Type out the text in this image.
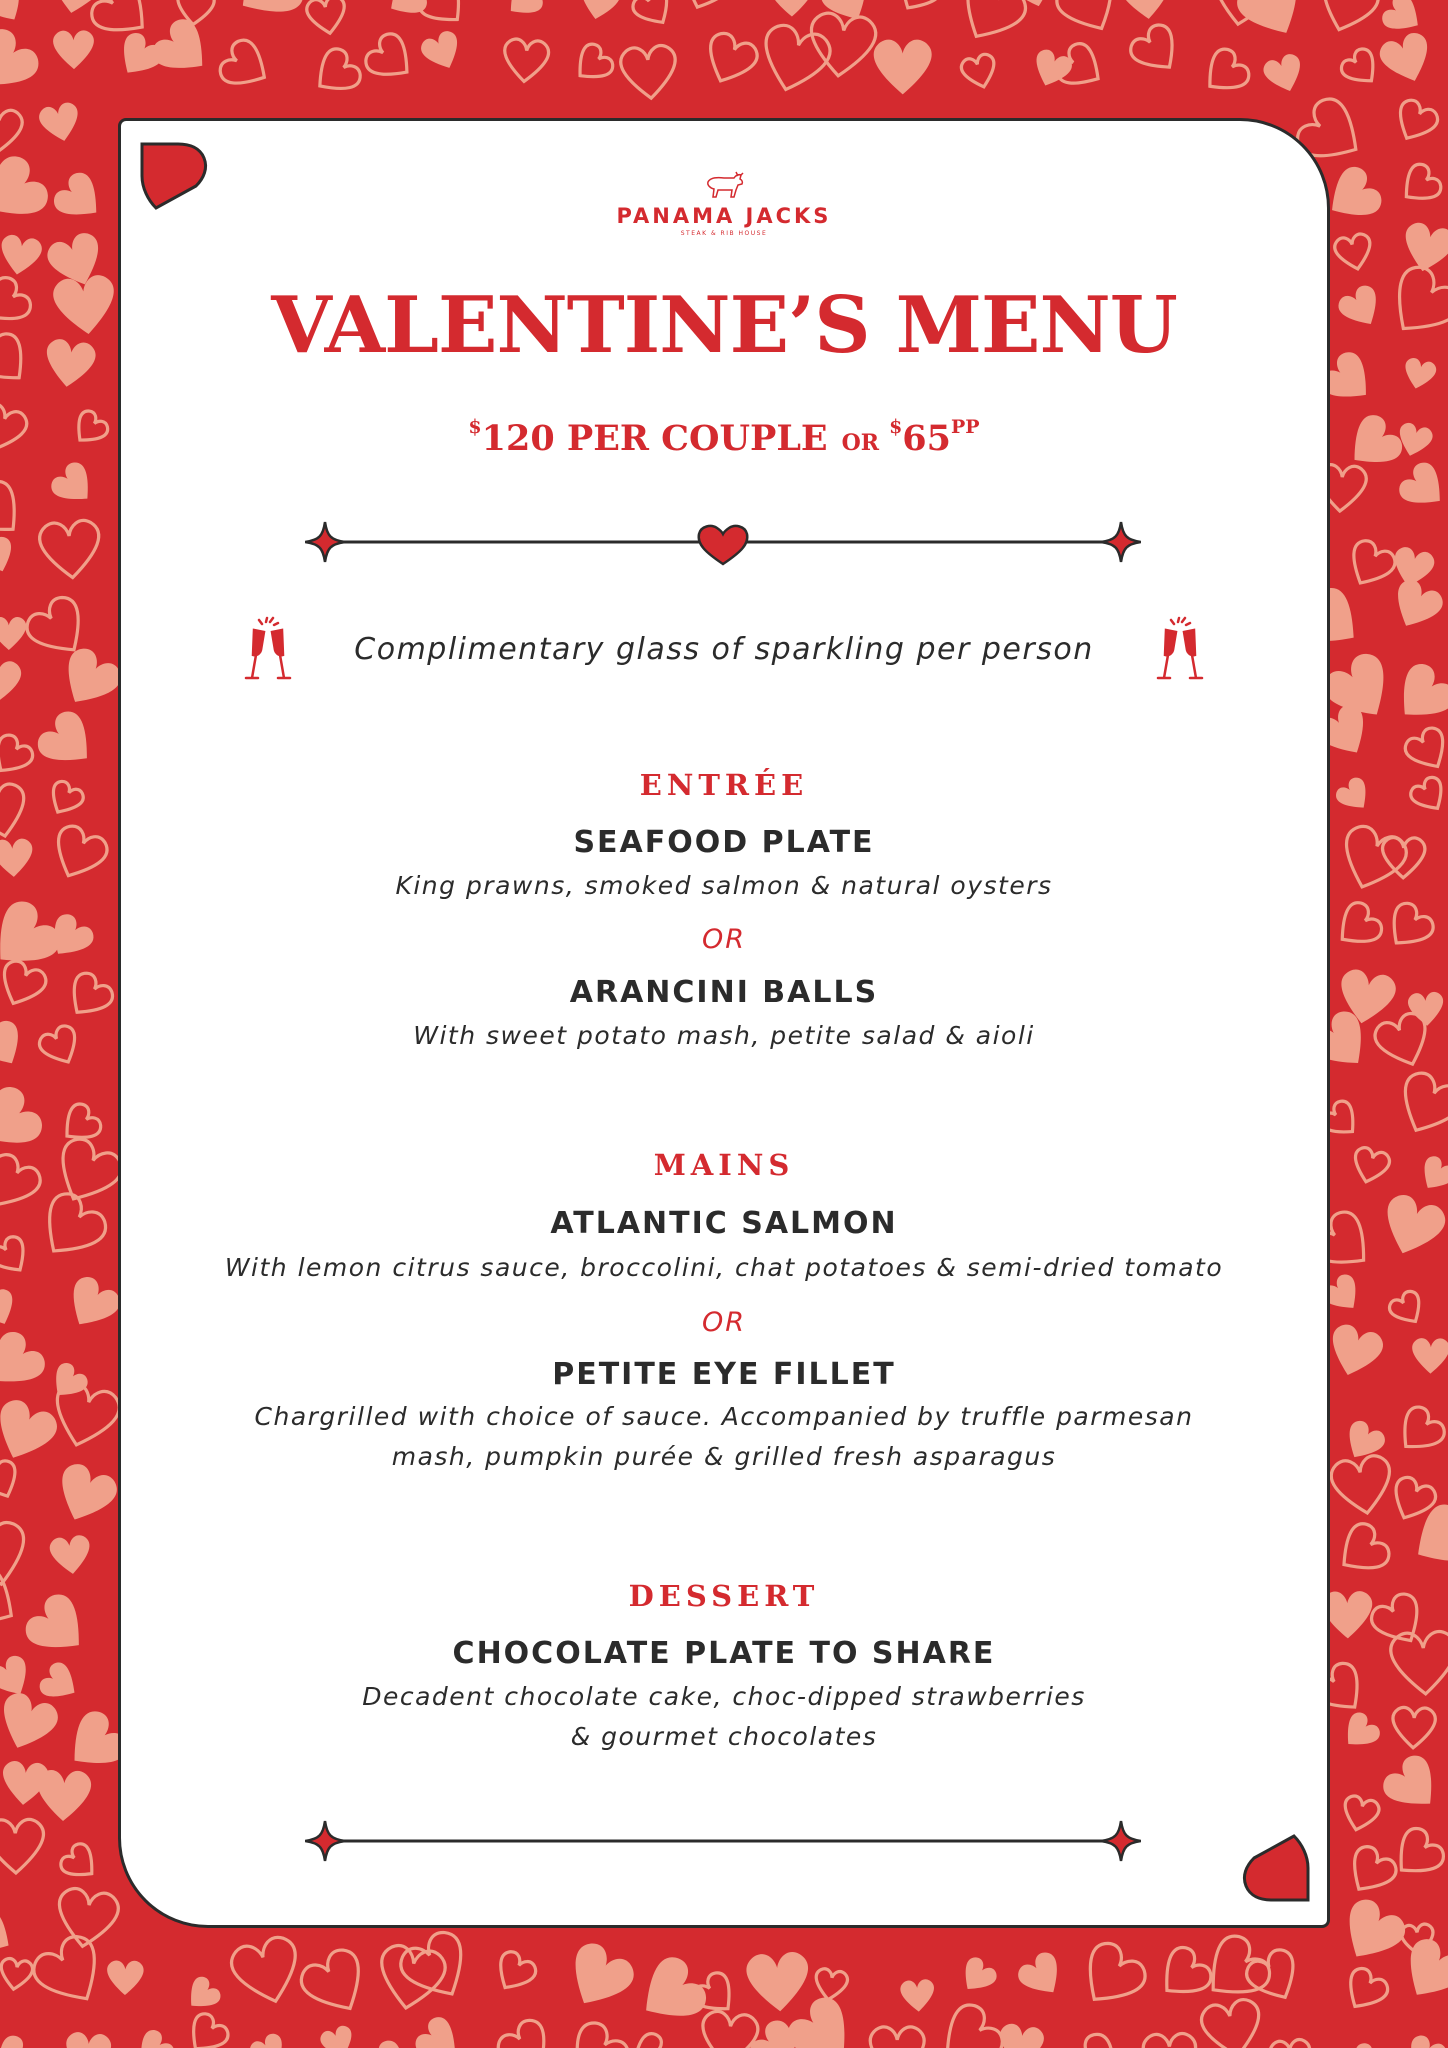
PANAMA JACKS
STEAK & RIB HOUSE
VALENTINE’S MENU
$120 PER COUPLE $OR^{\$}65^{PP}$
Complimentary glass of sparkling per person
ENTRÉE
SEAFOOD PLATE
King prawns, smoked salmon & natural oysters
OR
ARANCINI BALLS
With sweet potato mash, petite salad & aioli
MAINS
ATLANTIC SALMON
With lemon citrus sauce, broccolini, chat potatoes & semi-dried tomato
OR
PETITE EYE FILLET
Chargrilled with choice of sauce. Accompanied by truffle parmesan
mash, pumpkin purée & grilled fresh asparagus
DESSERT
CHOCOLATE PLATE TO SHARE
Decadent chocolate cake, choc-dipped strawberries
& gourmet chocolates
